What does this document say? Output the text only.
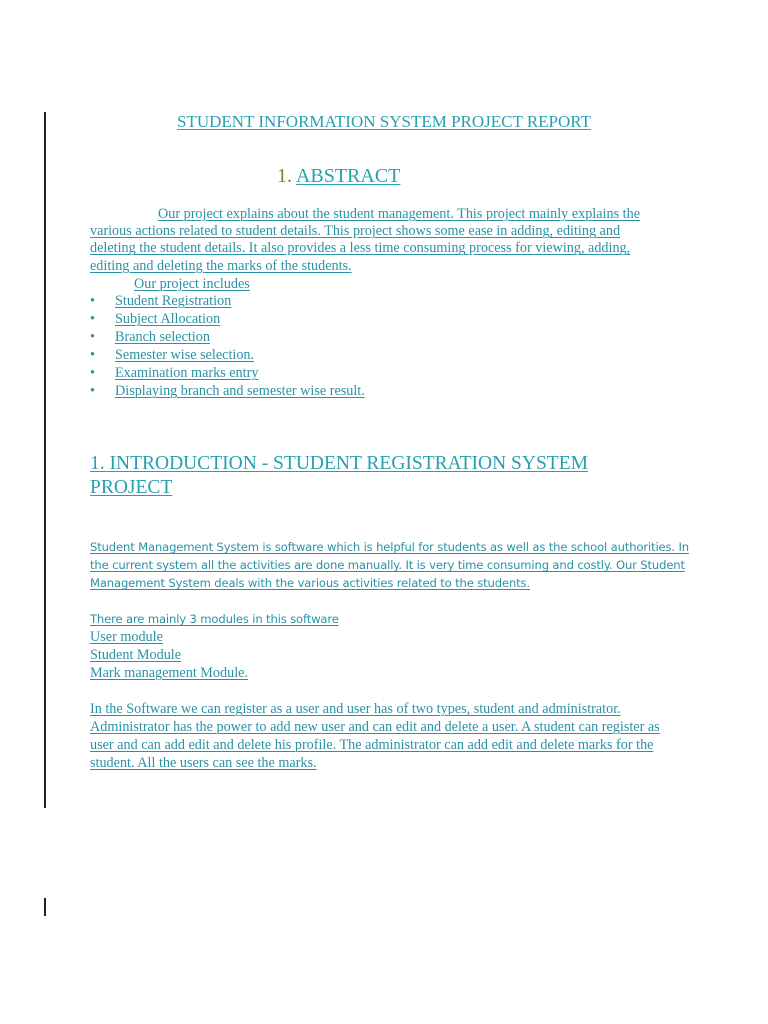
STUDENT INFORMATION SYSTEM PROJECT REPORT
1. ABSTRACT
Our project explains about the student management. This project mainly explains the various actions related to student details. This project shows some ease in adding, editing and deleting the student details. It also provides a less time consuming process for viewing, adding, editing and deleting the marks of the students.
Our project includes
• Student Registration
• Subject Allocation
• Branch selection
• Semester wise selection.
• Examination marks entry
• Displaying branch and semester wise result.
1. INTRODUCTION - STUDENT REGISTRATION SYSTEM PROJECT
Student Management System is software which is helpful for students as well as the school authorities. In the current system all the activities are done manually. It is very time consuming and costly. Our Student Management System deals with the various activities related to the students.
There are mainly 3 modules in this software
User module
Student Module
Mark management Module.
In the Software we can register as a user and user has of two types, student and administrator. Administrator has the power to add new user and can edit and delete a user. A student can register as user and can add edit and delete his profile. The administrator can add edit and delete marks for the student. All the users can see the marks.
